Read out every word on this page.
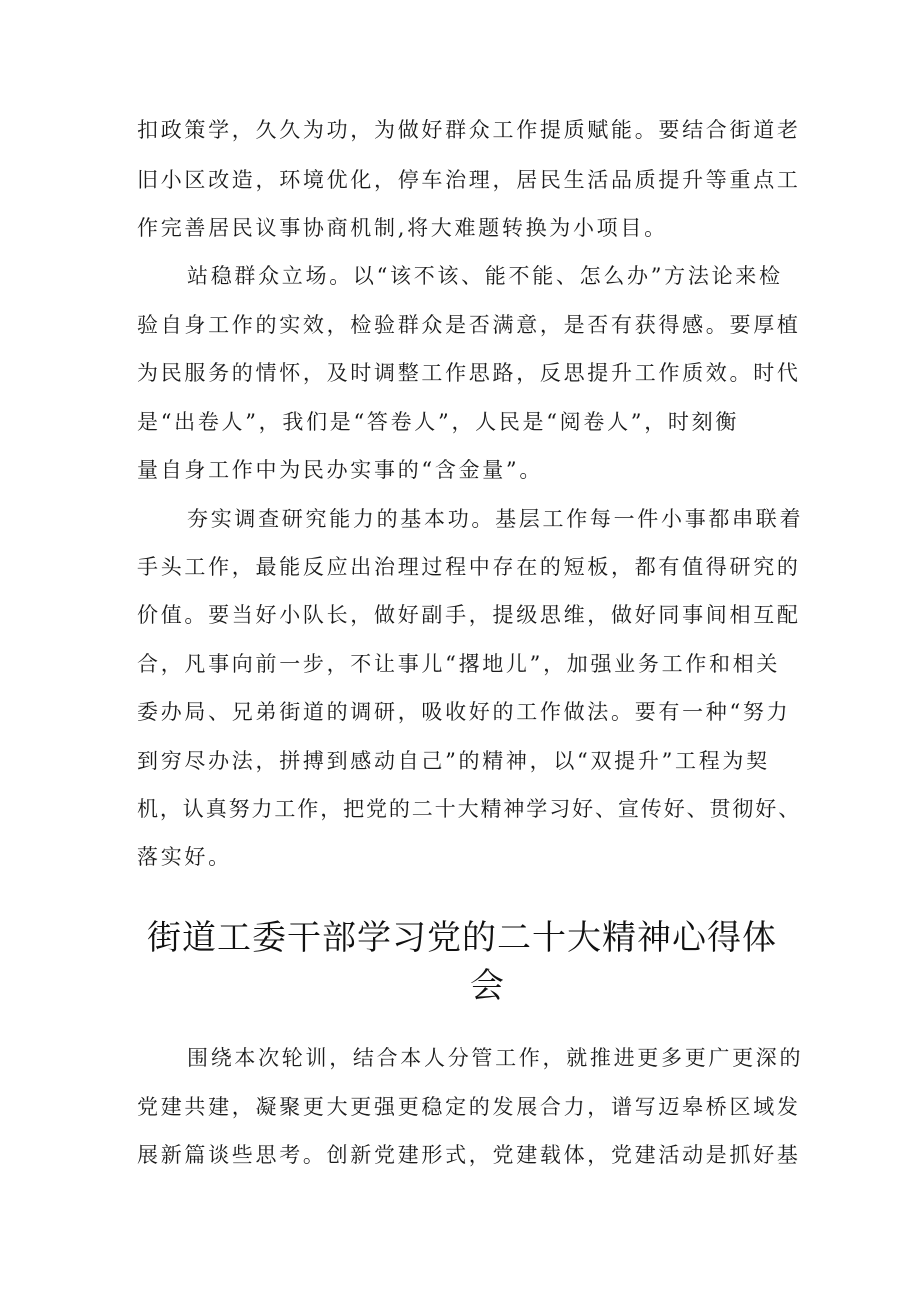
扣政策学，久久为功，为做好群众工作提质赋能。要结合街道老
旧小区改造，环境优化，停车治理，居民生活品质提升等重点工
作完善居民议事协商机制,将大难题转换为小项目。
站稳群众立场。以“该不该、能不能、怎么办”方法论来检
验自身工作的实效，检验群众是否满意，是否有获得感。要厚植
为民服务的情怀，及时调整工作思路，反思提升工作质效。时代
是“出卷人”，我们是“答卷人”，人民是“阅卷人”，时刻衡
量自身工作中为民办实事的“含金量”。
夯实调查研究能力的基本功。基层工作每一件小事都串联着
手头工作，最能反应出治理过程中存在的短板，都有值得研究的
价值。要当好小队长，做好副手，提级思维，做好同事间相互配
合，凡事向前一步，不让事儿“撂地儿”，加强业务工作和相关
委办局、兄弟街道的调研，吸收好的工作做法。要有一种“努力
到穷尽办法，拼搏到感动自己”的精神，以“双提升”工程为契
机，认真努力工作，把党的二十大精神学习好、宣传好、贯彻好、
落实好。
街道工委干部学习党的二十大精神心得体
会
围绕本次轮训，结合本人分管工作，就推进更多更广更深的
党建共建，凝聚更大更强更稳定的发展合力，谱写迈皋桥区域发
展新篇谈些思考。创新党建形式，党建载体，党建活动是抓好基
